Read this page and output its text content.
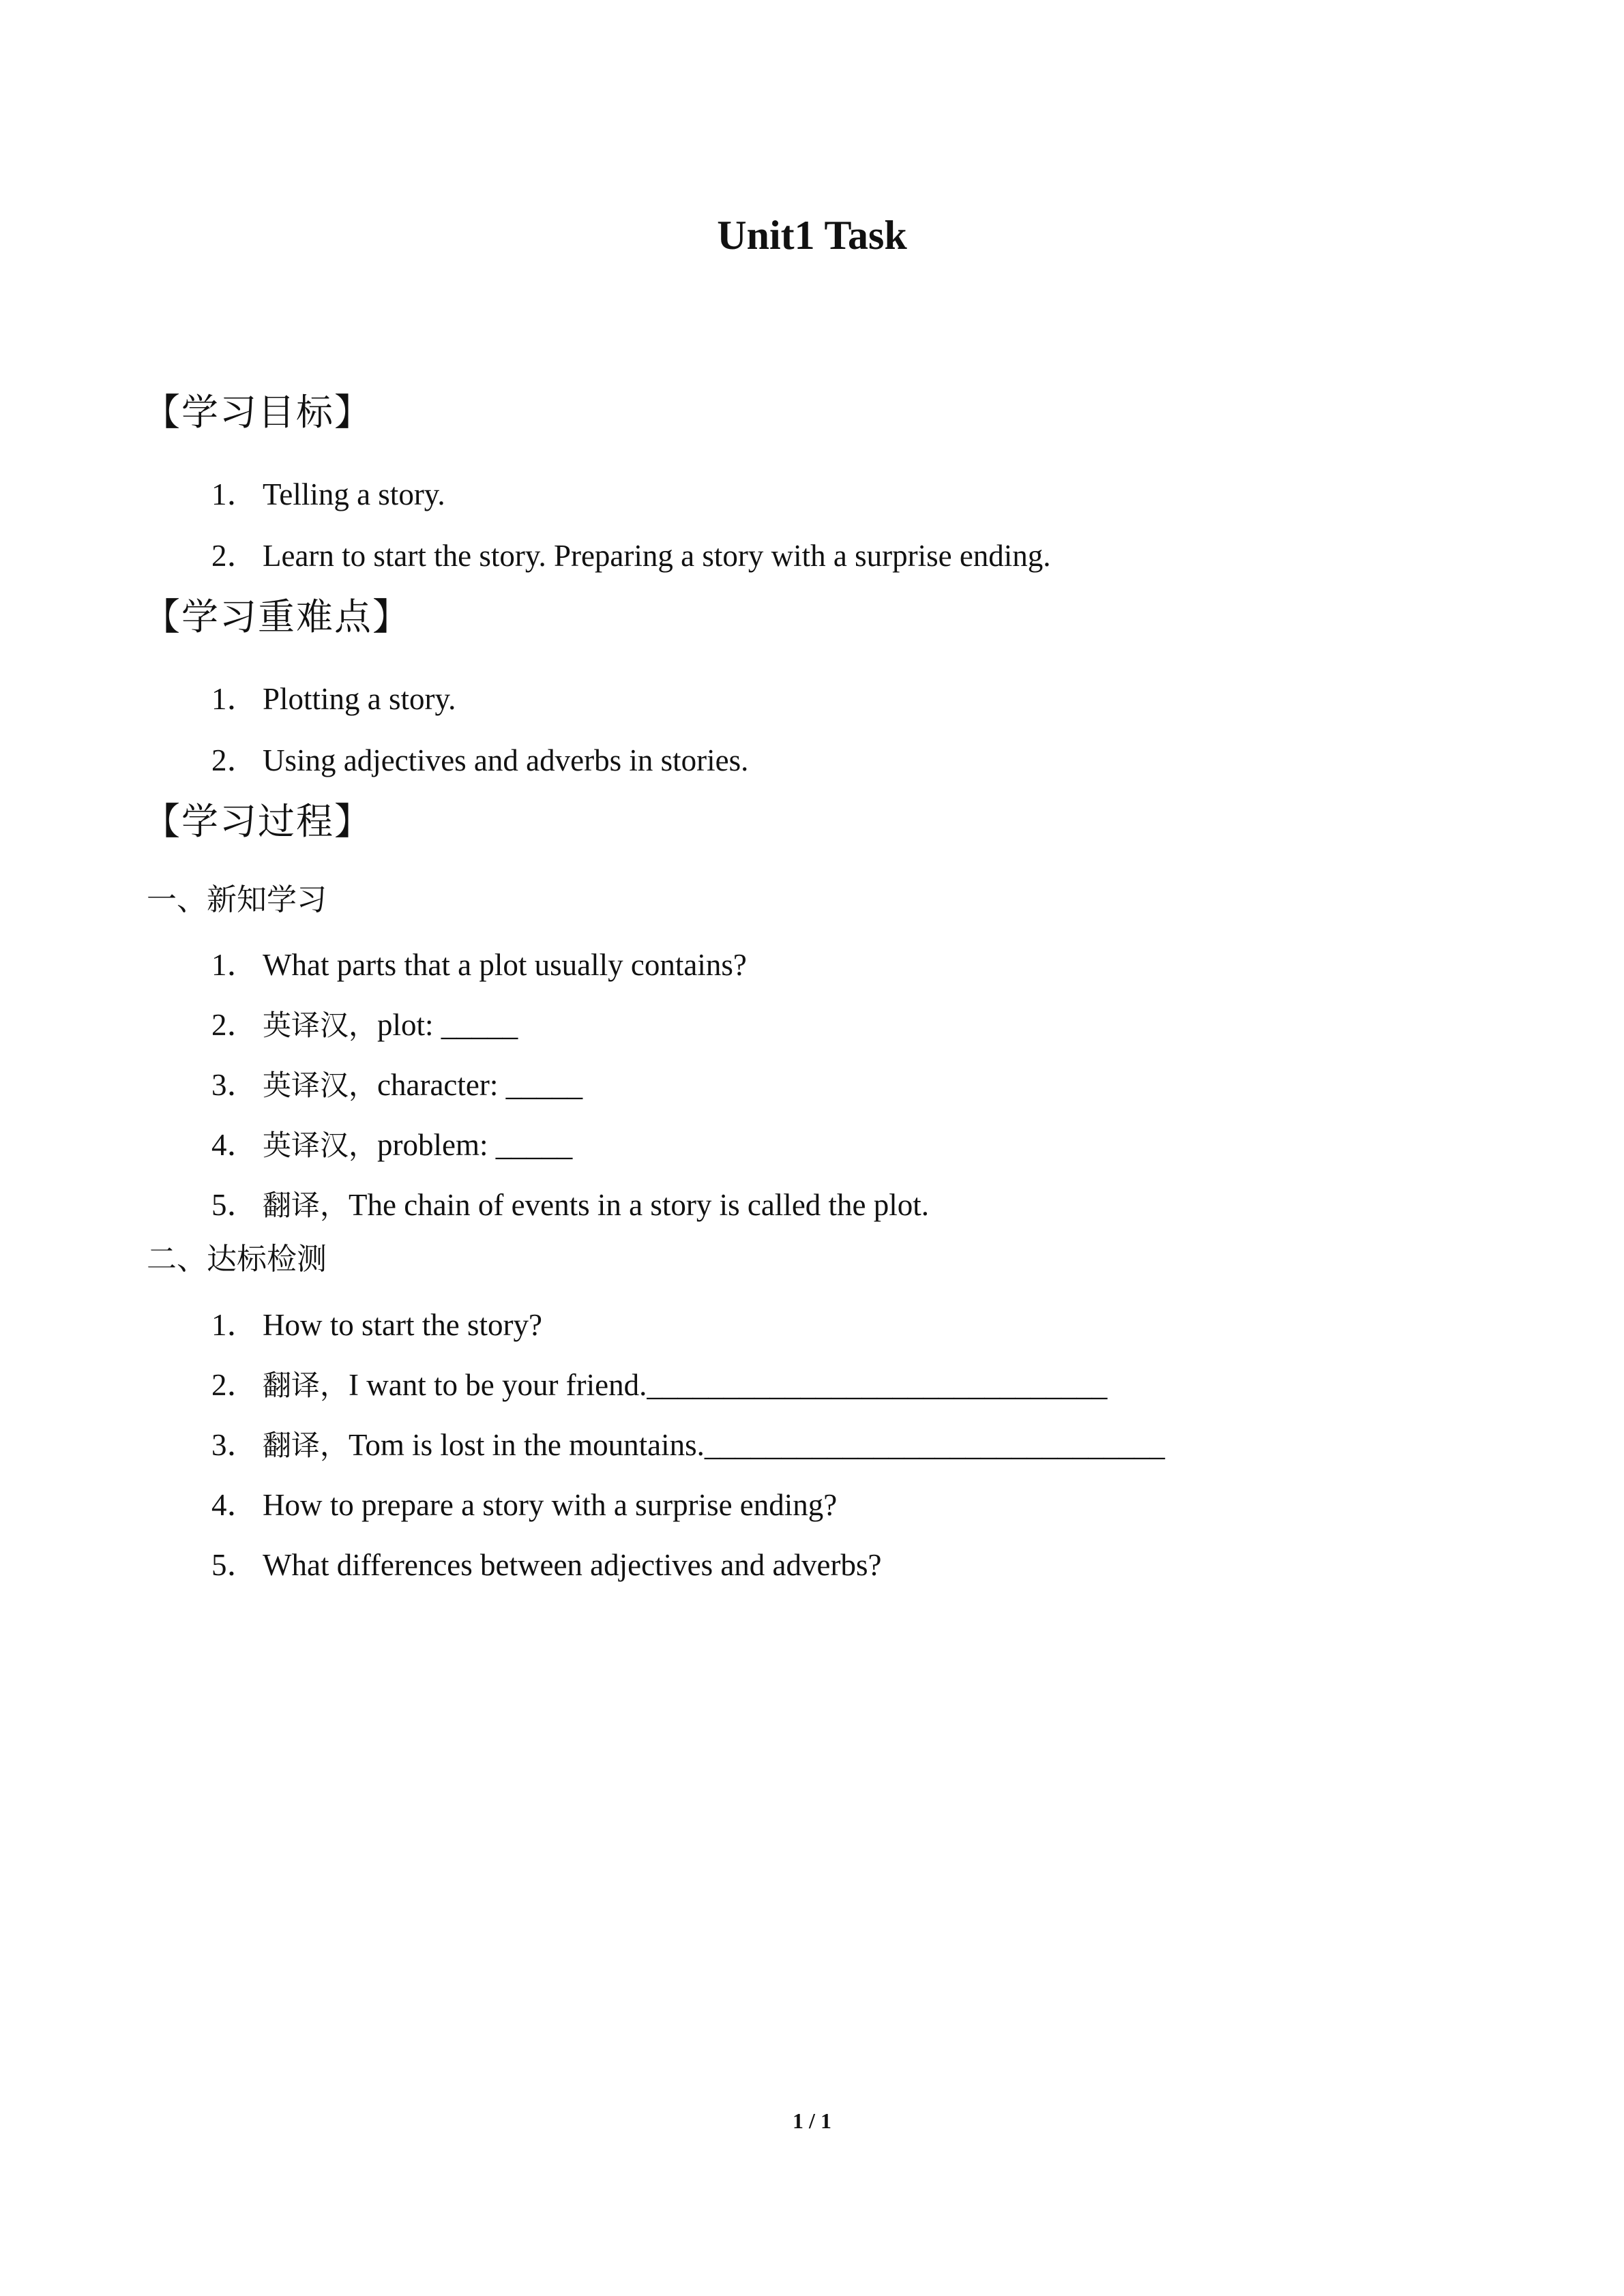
Unit1 Task
【学习目标】
1． Telling a story.
2． Learn to start the story. Preparing a story with a surprise ending.
【学习重难点】
1． Plotting a story.
2． Using adjectives and adverbs in stories.
【学习过程】
一、新知学习
1． What parts that a plot usually contains?
2． 英译汉，plot: _____
3． 英译汉，character: _____
4． 英译汉，problem: _____
5． 翻译，The chain of events in a story is called the plot.
二、达标检测
1． How to start the story?
2． 翻译，I want to be your friend.______________________________
3． 翻译，Tom is lost in the mountains.______________________________
4． How to prepare a story with a surprise ending?
5． What differences between adjectives and adverbs?
1 / 1
